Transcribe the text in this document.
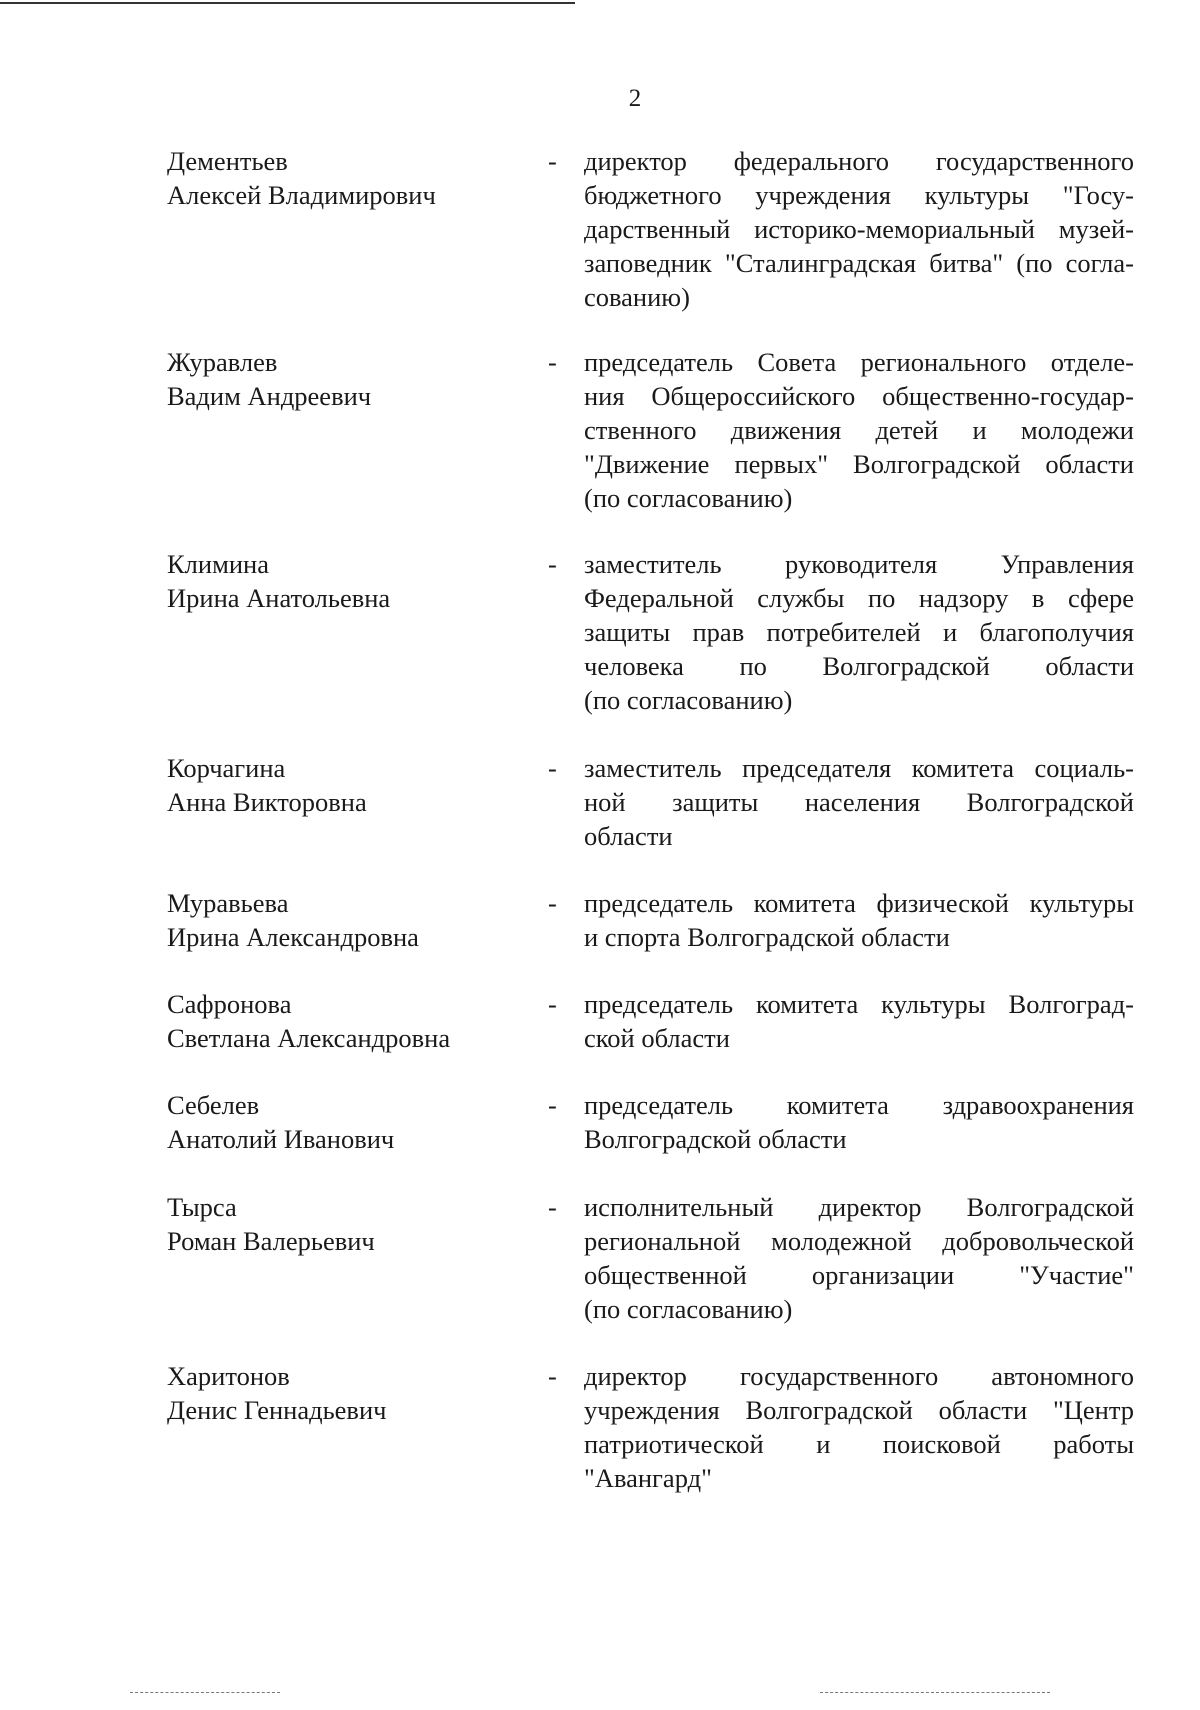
2
Дементьев
Алексей Владимирович
- директор федерального государственного
бюджетного учреждения культуры "Госу-
дарственный историко-мемориальный музей-
заповедник "Сталинградская битва" (по согла-
сованию)
Журавлев
Вадим Андреевич
- председатель Совета регионального отделе-
ния Общероссийского общественно-государ-
ственного движения детей и молодежи
"Движение первых" Волгоградской области
(по согласованию)
Климина
Ирина Анатольевна
- заместитель руководителя Управления
Федеральной службы по надзору в сфере
защиты прав потребителей и благополучия
человека по Волгоградской области
(по согласованию)
Корчагина
Анна Викторовна
- заместитель председателя комитета социаль-
ной защиты населения Волгоградской
области
Муравьева
Ирина Александровна
- председатель комитета физической культуры
и спорта Волгоградской области
Сафронова
Светлана Александровна
- председатель комитета культуры Волгоград-
ской области
Себелев
Анатолий Иванович
- председатель комитета здравоохранения
Волгоградской области
Тырса
Роман Валерьевич
- исполнительный директор Волгоградской
региональной молодежной добровольческой
общественной организации "Участие"
(по согласованию)
Харитонов
Денис Геннадьевич
- директор государственного автономного
учреждения Волгоградской области "Центр
патриотической и поисковой работы
"Авангард"
